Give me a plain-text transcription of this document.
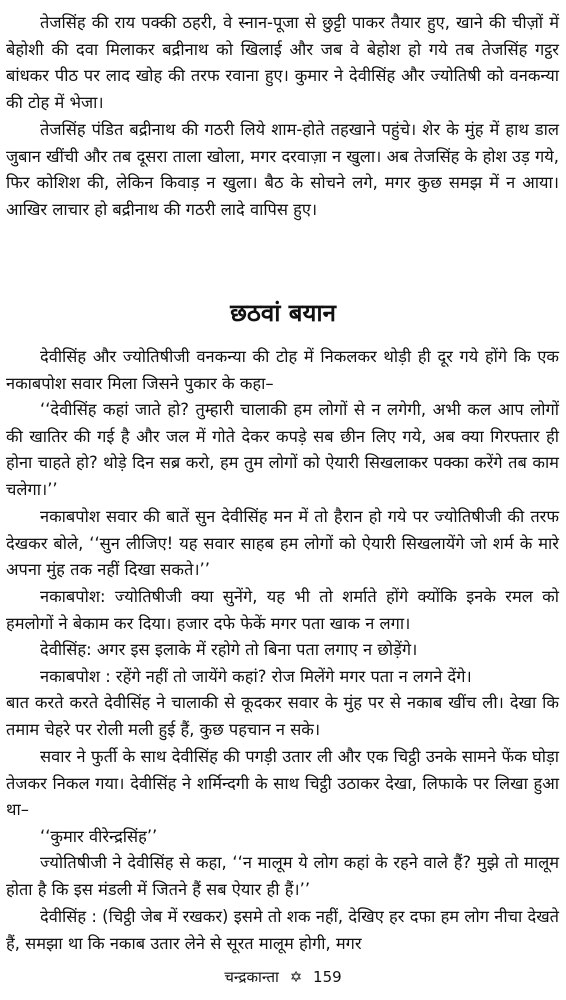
तेजसिंह की राय पक्की ठहरी, वे स्नान-पूजा से छुट्टी पाकर तैयार हुए, खाने की चीज़ों में बेहोशी की दवा मिलाकर बद्रीनाथ को खिलाई और जब वे बेहोश हो गये तब तेजसिंह गट्ठर बांधकर पीठ पर लाद खोह की तरफ रवाना हुए। कुमार ने देवीसिंह और ज्योतिषी को वनकन्या की टोह में भेजा।

तेजसिंह पंडित बद्रीनाथ की गठरी लिये शाम-होते तहखाने पहुंचे। शेर के मुंह में हाथ डाल जुबान खींची और तब दूसरा ताला खोला, मगर दरवाज़ा न खुला। अब तेजसिंह के होश उड़ गये, फिर कोशिश की, लेकिन किवाड़ न खुला। बैठ के सोचने लगे, मगर कुछ समझ में न आया। आखिर लाचार हो बद्रीनाथ की गठरी लादे वापिस हुए।

छठवां बयान

देवीसिंह और ज्योतिषीजी वनकन्या की टोह में निकलकर थोड़ी ही दूर गये होंगे कि एक नकाबपोश सवार मिला जिसने पुकार के कहा–

‘‘देवीसिंह कहां जाते हो? तुम्हारी चालाकी हम लोगों से न लगेगी, अभी कल आप लोगों की खातिर की गई है और जल में गोते देकर कपड़े सब छीन लिए गये, अब क्या गिरफ्तार ही होना चाहते हो? थोड़े दिन सब्र करो, हम तुम लोगों को ऐयारी सिखलाकर पक्का करेंगे तब काम चलेगा।’’

नकाबपोश सवार की बातें सुन देवीसिंह मन में तो हैरान हो गये पर ज्योतिषीजी की तरफ देखकर बोले, ‘‘सुन लीजिए! यह सवार साहब हम लोगों को ऐयारी सिखलायेंगे जो शर्म के मारे अपना मुंह तक नहीं दिखा सकते।’’

नकाबपोश: ज्योतिषीजी क्या सुनेंगे, यह भी तो शर्माते होंगे क्योंकि इनके रमल को हमलोगों ने बेकाम कर दिया। हजार दफे फेकें मगर पता खाक न लगा।

देवीसिंह: अगर इस इलाके में रहोगे तो बिना पता लगाए न छोड़ेंगे।

नकाबपोश : रहेंगे नहीं तो जायेंगे कहां? रोज मिलेंगे मगर पता न लगने देंगे।

बात करते करते देवीसिंह ने चालाकी से कूदकर सवार के मुंह पर से नकाब खींच ली। देखा कि तमाम चेहरे पर रोली मली हुई हैं, कुछ पहचान न सके।

सवार ने फुर्ती के साथ देवीसिंह की पगड़ी उतार ली और एक चिट्ठी उनके सामने फेंक घोड़ा तेजकर निकल गया। देवीसिंह ने शर्मिन्दगी के साथ चिट्ठी उठाकर देखा, लिफाके पर लिखा हुआ था–

‘‘कुमार वीरेन्द्रसिंह’’

ज्योतिषीजी ने देवीसिंह से कहा, ‘‘न मालूम ये लोग कहां के रहने वाले हैं? मुझे तो मालूम होता है कि इस मंडली में जितने हैं सब ऐयार ही हैं।’’

देवीसिंह : (चिट्ठी जेब में रखकर) इसमे तो शक नहीं, देखिए हर दफा हम लोग नीचा देखते हैं, समझा था कि नकाब उतार लेने से सूरत मालूम होगी, मगर

चन्द्रकान्ता ✡ 159
